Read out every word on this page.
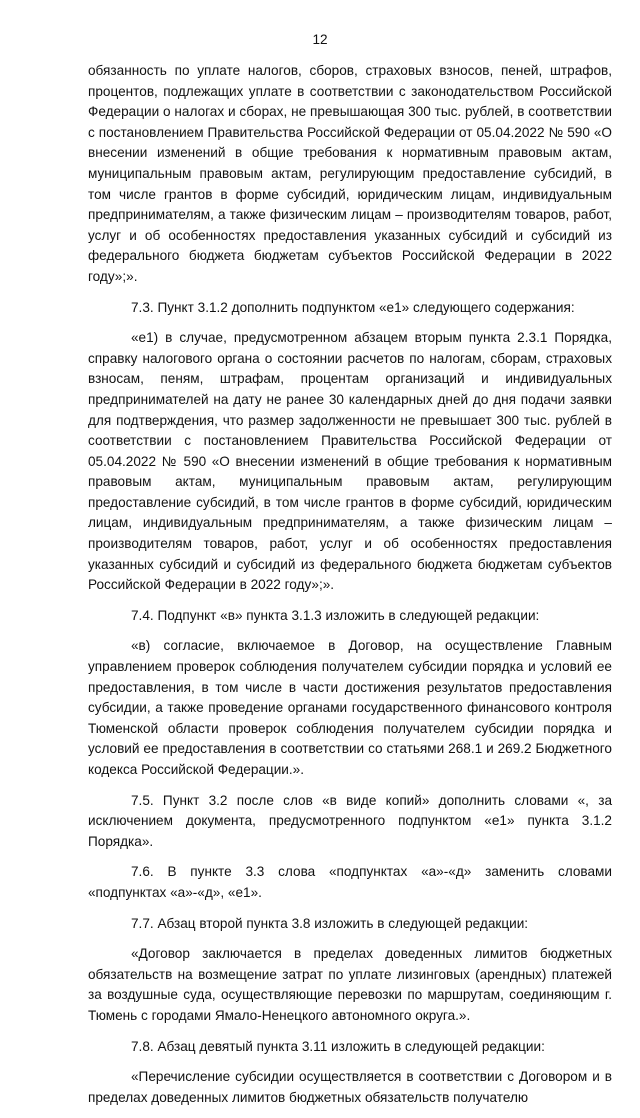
12

обязанность по уплате налогов, сборов, страховых взносов, пеней, штрафов, процентов, подлежащих уплате в соответствии с законодательством Российской Федерации о налогах и сборах, не превышающая 300 тыс. рублей, в соответствии с постановлением Правительства Российской Федерации от 05.04.2022 № 590 «О внесении изменений в общие требования к нормативным правовым актам, муниципальным правовым актам, регулирующим предоставление субсидий, в том числе грантов в форме субсидий, юридическим лицам, индивидуальным предпринимателям, а также физическим лицам – производителям товаров, работ, услуг и об особенностях предоставления указанных субсидий и субсидий из федерального бюджета бюджетам субъектов Российской Федерации в 2022 году»;».

7.3. Пункт 3.1.2 дополнить подпунктом «е1» следующего содержания:

«е1) в случае, предусмотренном абзацем вторым пункта 2.3.1 Порядка, справку налогового органа о состоянии расчетов по налогам, сборам, страховых взносам, пеням, штрафам, процентам организаций и индивидуальных предпринимателей на дату не ранее 30 календарных дней до дня подачи заявки для подтверждения, что размер задолженности не превышает 300 тыс. рублей в соответствии с постановлением Правительства Российской Федерации от 05.04.2022 № 590 «О внесении изменений в общие требования к нормативным правовым актам, муниципальным правовым актам, регулирующим предоставление субсидий, в том числе грантов в форме субсидий, юридическим лицам, индивидуальным предпринимателям, а также физическим лицам – производителям товаров, работ, услуг и об особенностях предоставления указанных субсидий и субсидий из федерального бюджета бюджетам субъектов Российской Федерации в 2022 году»;».

7.4. Подпункт «в» пункта 3.1.3 изложить в следующей редакции:

«в) согласие, включаемое в Договор, на осуществление Главным управлением проверок соблюдения получателем субсидии порядка и условий ее предоставления, в том числе в части достижения результатов предоставления субсидии, а также проведение органами государственного финансового контроля Тюменской области проверок соблюдения получателем субсидии порядка и условий ее предоставления в соответствии со статьями 268.1 и 269.2 Бюджетного кодекса Российской Федерации.».

7.5. Пункт 3.2 после слов «в виде копий» дополнить словами «, за исключением документа, предусмотренного подпунктом «е1» пункта 3.1.2 Порядка».

7.6. В пункте 3.3 слова «подпунктах «а»-«д» заменить словами «подпунктах «а»-«д», «е1».

7.7. Абзац второй пункта 3.8 изложить в следующей редакции:

«Договор заключается в пределах доведенных лимитов бюджетных обязательств на возмещение затрат по уплате лизинговых (арендных) платежей за воздушные суда, осуществляющие перевозки по маршрутам, соединяющим г. Тюмень с городами Ямало-Ненецкого автономного округа.».

7.8. Абзац девятый пункта 3.11 изложить в следующей редакции:

«Перечисление субсидии осуществляется в соответствии с Договором и в пределах доведенных лимитов бюджетных обязательств получателю
